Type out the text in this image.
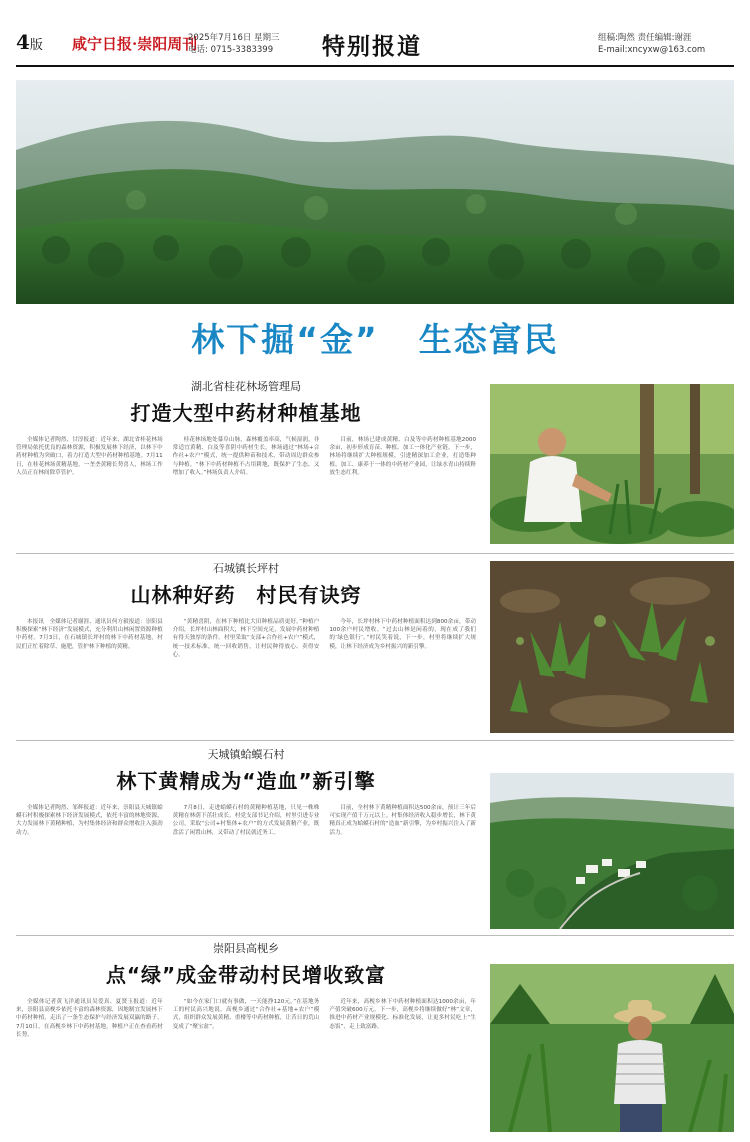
4版 咸宁日报·崇阳周刊
2025年7月16日 星期三
电话: 0715-3383399 特别报道	组稿:陶然 责任编辑:谢涯
E-mail:xncyxw@163.com
林下掘“金” 生态富民
湖北省桂花林场管理局
打造大型中药材种植基地

全媒体记者陶然、甘淳报道：近年来，湖北省桂花林场管理局依托优良的森林资源，积极发展林下经济，以林下中药材种植为突破口，着力打造大型中药材种植基地。7月11日，在桂花林场黄精基地，一垄垄黄精长势喜人，林场工作人员正在林间除草管护。

桂花林场地处幕阜山脉，森林覆盖率高，气候湿润，非常适宜黄精、白及等喜阴中药材生长。林场通过“林场+合作社+农户”模式，统一提供种苗和技术，带动周边群众参与种植。“林下中药材种植不占用耕地，既保护了生态，又增加了收入。”林场负责人介绍。

目前，林场已建成黄精、白及等中药材种植基地2000余亩，初步形成育苗、种植、加工一体化产业链。下一步，林场将继续扩大种植规模，引进精深加工企业，打造集种植、加工、康养于一体的中药材产业园，让绿水青山持续释放生态红利。

石城镇长坪村
山林种好药　村民有诀窍

本报讯　全媒体记者谢涯、通讯员何方毅报道：崇阳县积极探索“林下经济”发展模式，充分利用山林闲置资源种植中药材。7月3日，在石城镇长坪村的林下中药材基地，村民们正忙着除草、施肥，管护林下种植的黄精。

“黄精喜阴，在林下种植比大田种植品质更好。”种植户介绍，长坪村山林面积大，林下空间充足，发展中药材种植有得天独厚的条件。村里采取“支部+合作社+农户”模式，统一技术标准，统一回收销售，让村民种得放心、卖得安心。

今年，长坪村林下中药材种植面积达到800余亩，带动100余户村民增收。“过去山林是闲着的，现在成了我们的‘绿色银行’。”村民笑着说，下一步，村里将继续扩大规模，让林下经济成为乡村振兴的新引擎。

天城镇蛤蟆石村
林下黄精成为“造血”新引擎

全媒体记者陶然、邹辉报道：近年来，崇阳县天城镇蛤蟆石村积极探索林下经济发展模式，依托丰富的林地资源，大力发展林下黄精种植，为村集体经济和群众增收注入强劲动力。

7月8日，走进蛤蟆石村的黄精种植基地，只见一株株黄精在林荫下茁壮成长。村党支部书记介绍，村里引进专业公司，采取“公司+村集体+农户”的方式发展黄精产业，既盘活了闲置山林，又带动了村民就近务工。

目前，全村林下黄精种植面积达500余亩，预计三年后可实现产值千万元以上。村集体经济收入稳步增长，林下黄精真正成为蛤蟆石村的“造血”新引擎，为乡村振兴注入了新活力。

崇阳县高枧乡
点“绿”成金带动村民增收致富

全媒体记者黄飞洋通讯员吴爱真、夏贤玉报道：近年来，崇阳县高枧乡依托丰富的森林资源，因地制宜发展林下中药材种植，走出了一条生态保护与经济发展双赢的路子。7月10日，在高枧乡林下中药材基地，种植户正在查看药材长势。

“如今在家门口就有事做，一天能挣120元。”在基地务工的村民高兴地说。高枧乡通过“合作社+基地+农户”模式，组织群众发展黄精、重楼等中药材种植，让昔日的荒山变成了“聚宝盆”。

近年来，高枧乡林下中药材种植面积达1000余亩，年产值突破600万元。下一步，高枧乡将继续做好“林”文章，推进中药材产业规模化、标准化发展，让更多村民吃上“生态饭”，走上致富路。
